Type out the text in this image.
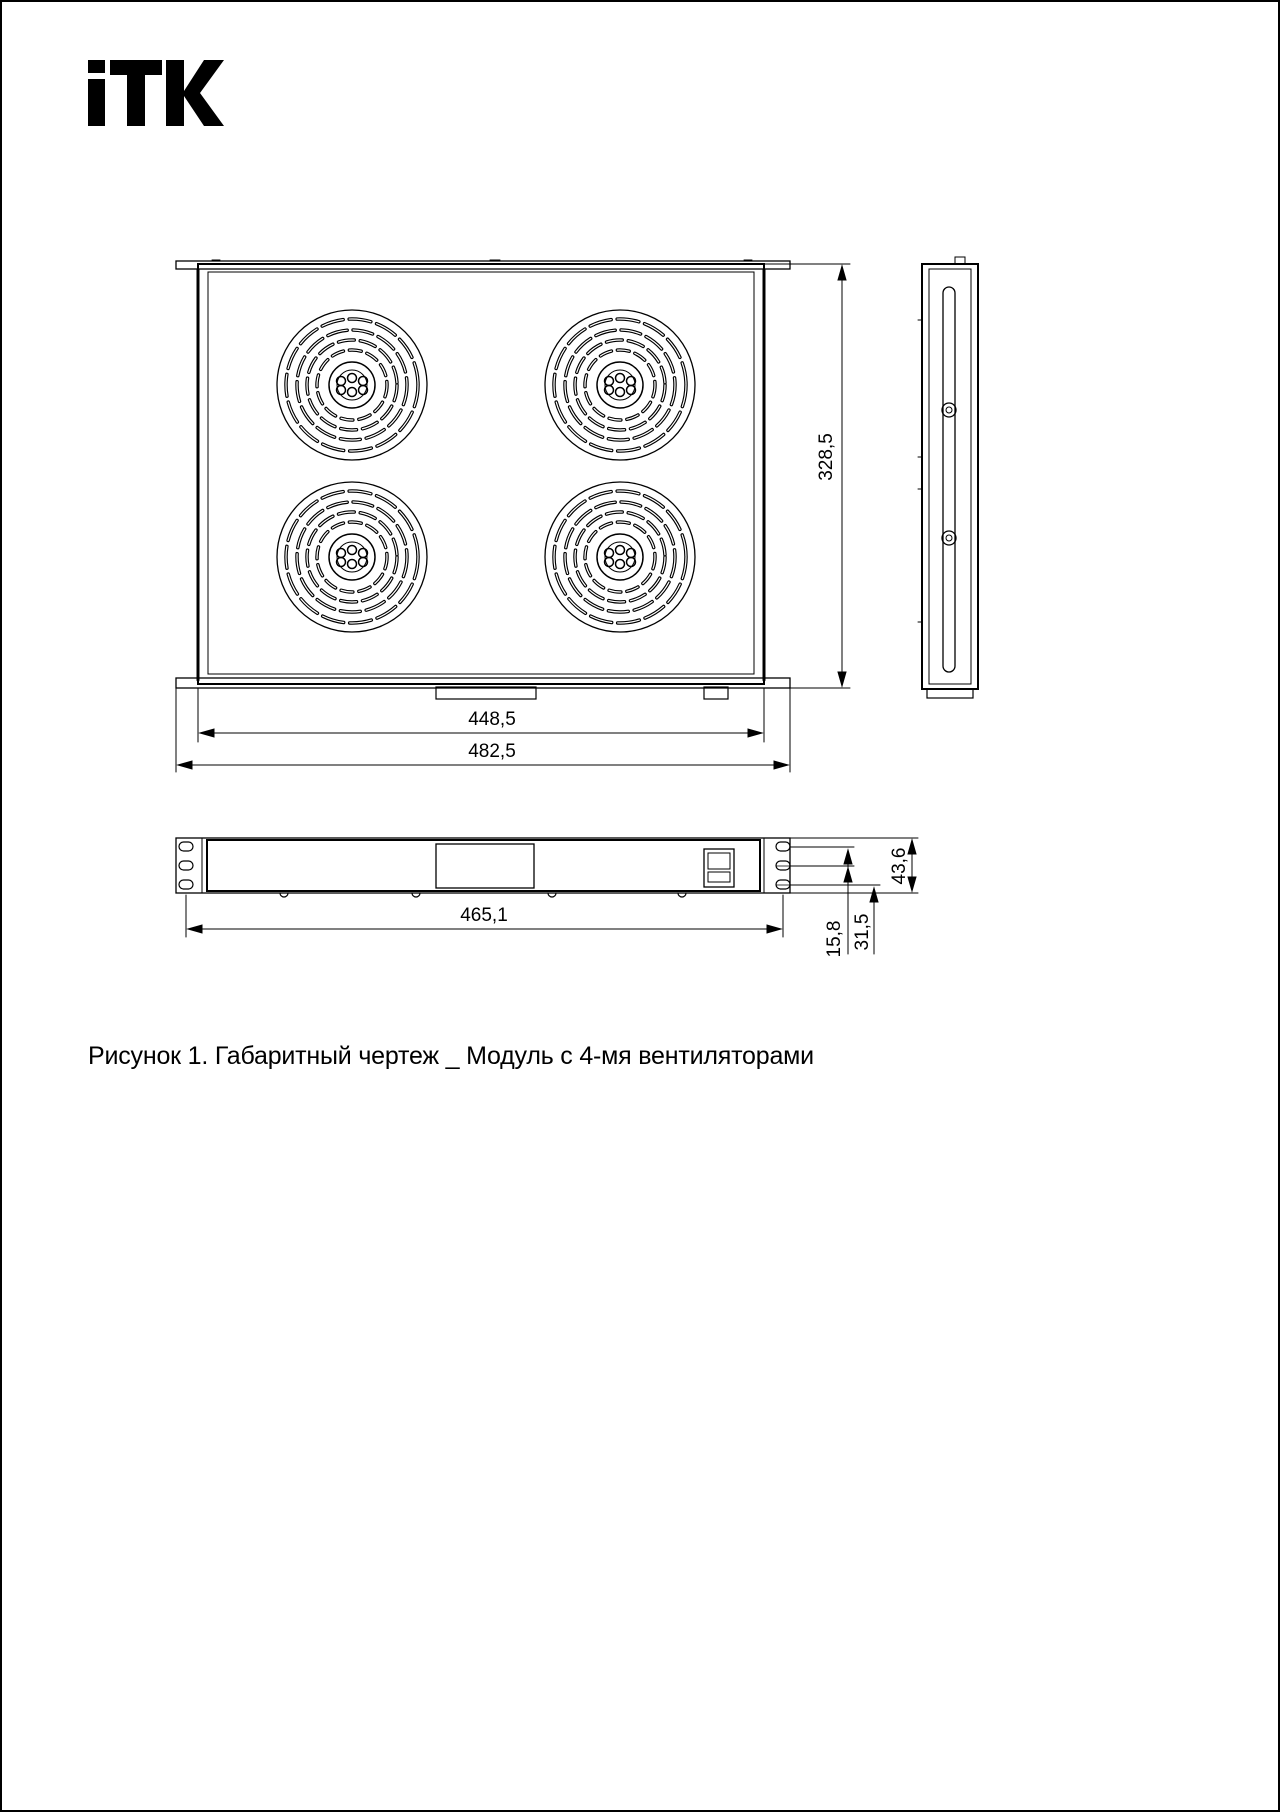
328,5
448,5
482,5
465,1
43,6
15,8 31,5
Рисунок 1. Габаритный чертеж _ Модуль с 4-мя вентиляторами
